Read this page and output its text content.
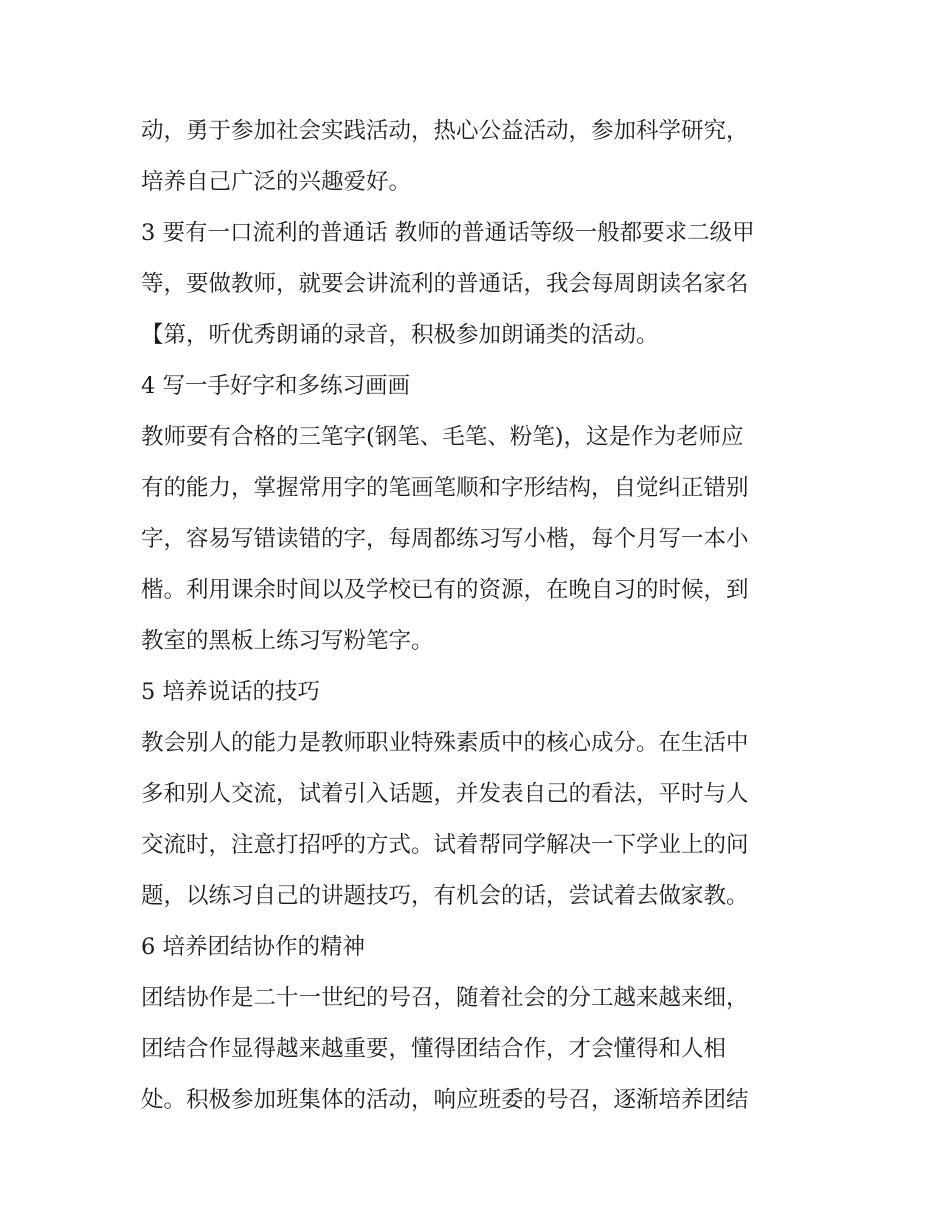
动，勇于参加社会实践活动，热心公益活动，参加科学研究，
培养自己广泛的兴趣爱好。
3 要有一口流利的普通话 教师的普通话等级一般都要求二级甲
等，要做教师，就要会讲流利的普通话，我会每周朗读名家名
【第，听优秀朗诵的录音，积极参加朗诵类的活动。
4 写一手好字和多练习画画
教师要有合格的三笔字(钢笔、毛笔、粉笔)，这是作为老师应
有的能力，掌握常用字的笔画笔顺和字形结构，自觉纠正错别
字，容易写错读错的字，每周都练习写小楷，每个月写一本小
楷。利用课余时间以及学校已有的资源，在晚自习的时候，到
教室的黑板上练习写粉笔字。
5 培养说话的技巧
教会别人的能力是教师职业特殊素质中的核心成分。在生活中
多和别人交流，试着引入话题，并发表自己的看法，平时与人
交流时，注意打招呼的方式。试着帮同学解决一下学业上的问
题，以练习自己的讲题技巧，有机会的话，尝试着去做家教。
6 培养团结协作的精神
团结协作是二十一世纪的号召，随着社会的分工越来越来细，
团结合作显得越来越重要，懂得团结合作，才会懂得和人相
处。积极参加班集体的活动，响应班委的号召，逐渐培养团结
